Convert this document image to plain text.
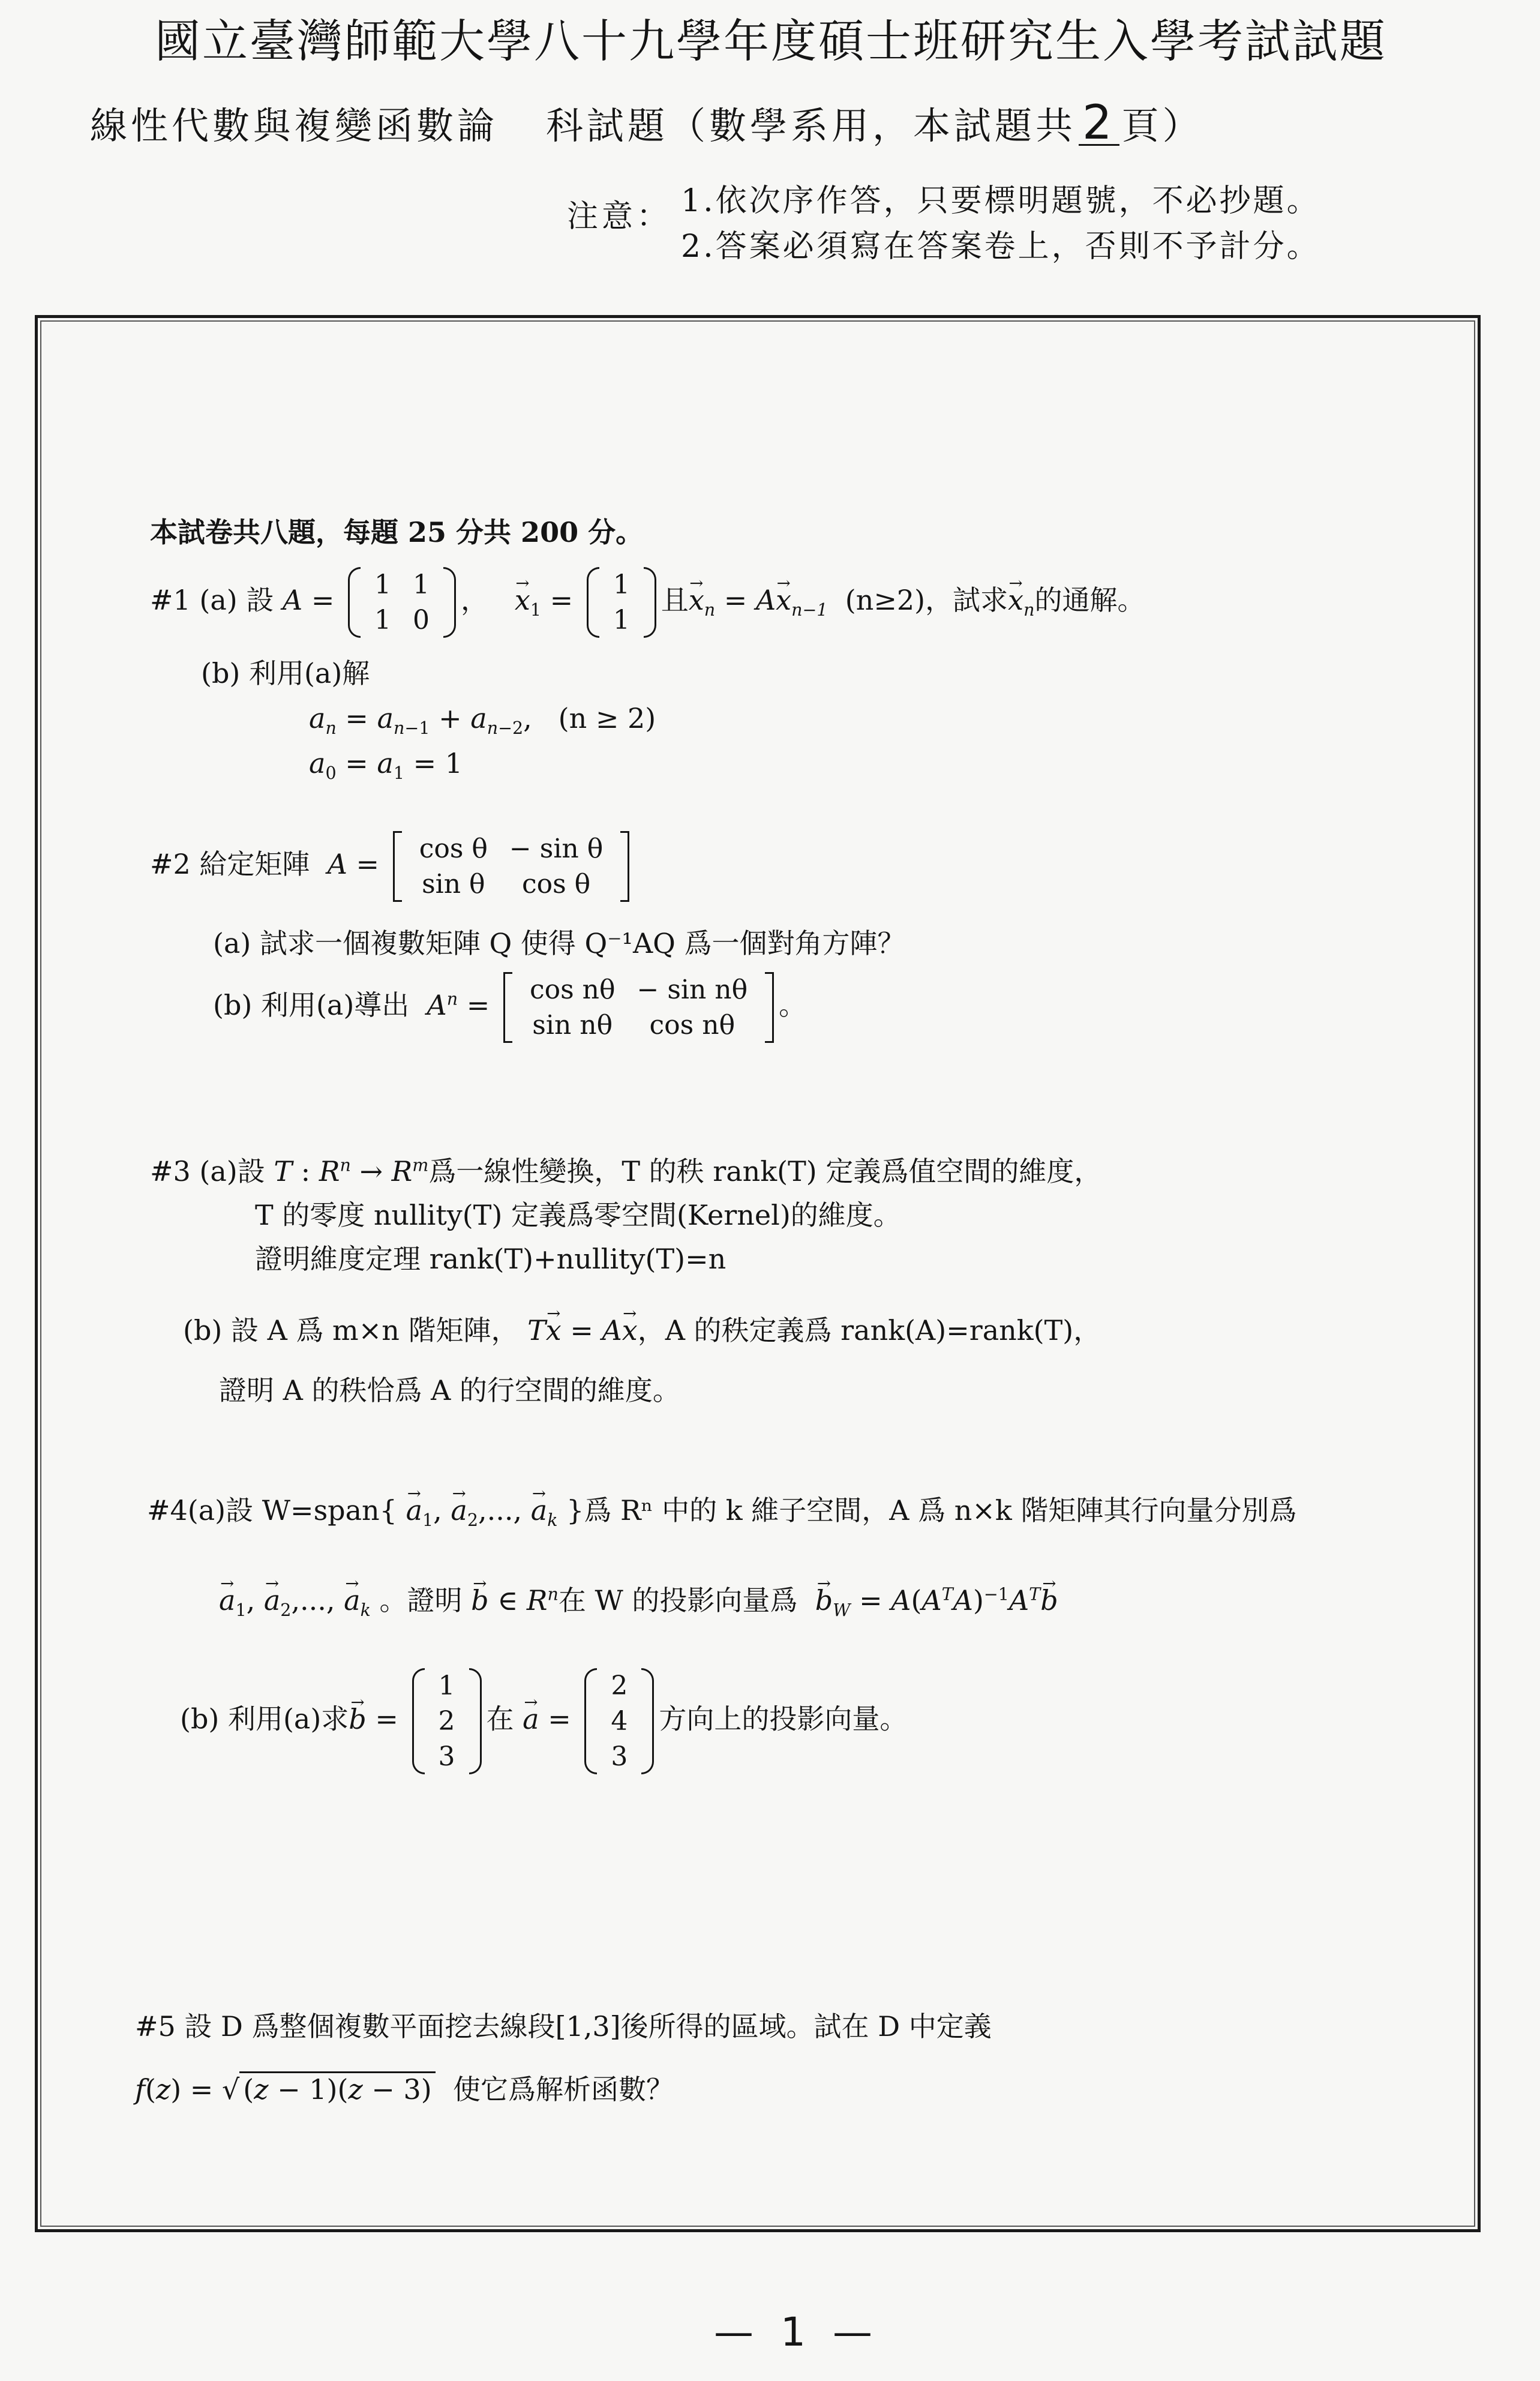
國立臺灣師範大學八十九學年度碩士班研究生入學考試試題
線性代數與複變函數論 科試題（數學系用，本試題共 2 頁）
注意： 1.依次序作答，只要標明題號，不必抄題。
2.答案必須寫在答案卷上，否則不予計分。
本試卷共八題，每題 25 分共 200 分。
#1 (a) 設 A = 1	1
1	0
，   → $x_1 = 1$
1
且→ $x_n = A\to x_{n-1}$ (n≥2)，試求→ $x_n$的通解。
(b) 利用(a)解
$a_n = a_{n-1} + a_{n-2}$,   (n ≥ 2)
$a_0 = a_1 = 1$
#2 給定矩陣 A = cos θ	− sin θ
sin θ	cos θ
(a) 試求一個複數矩陣 Q 使得 Q⁻¹AQ 爲一個對角方陣？
(b) 利用(a)導出 $A^n = \cos n\theta$	− sin nθ
sin nθ	cos nθ
。
#3 (a)設 T : $R^n \to R^m$爲一線性變換，T 的秩 rank(T) 定義爲值空間的維度，
T 的零度 nullity(T) 定義爲零空間(Kernel)的維度。
證明維度定理 rank(T)+nullity(T)=n
(b) 設 A 爲 m×n 階矩陣， T→ x = A→ x，A 的秩定義爲 rank(A)=rank(T)，
證明 A 的秩恰爲 A 的行空間的維度。
#4(a)設 W=span{ → $a_1$, → $a_2$,..., → $a_k$ }爲 Rⁿ 中的 k 維子空間，A 爲 n×k 階矩陣其行向量分別爲
→ $a_1$, → $a_2$,..., → $a_k$ 。證明 → b ∈ $R^n$在 W 的投影向量爲 → $b_W = A(A^TA)^{-1}A^T\to b$
(b) 利用(a)求→ b =
1
2
3
在 → a =
2
4
3
方向上的投影向量。
#5 設 D 爲整個複數平面挖去線段[1,3]後所得的區域。試在 D 中定義
f(z) = √ (z − 1)(z − 3) 使它爲解析函數？
— 1 —
